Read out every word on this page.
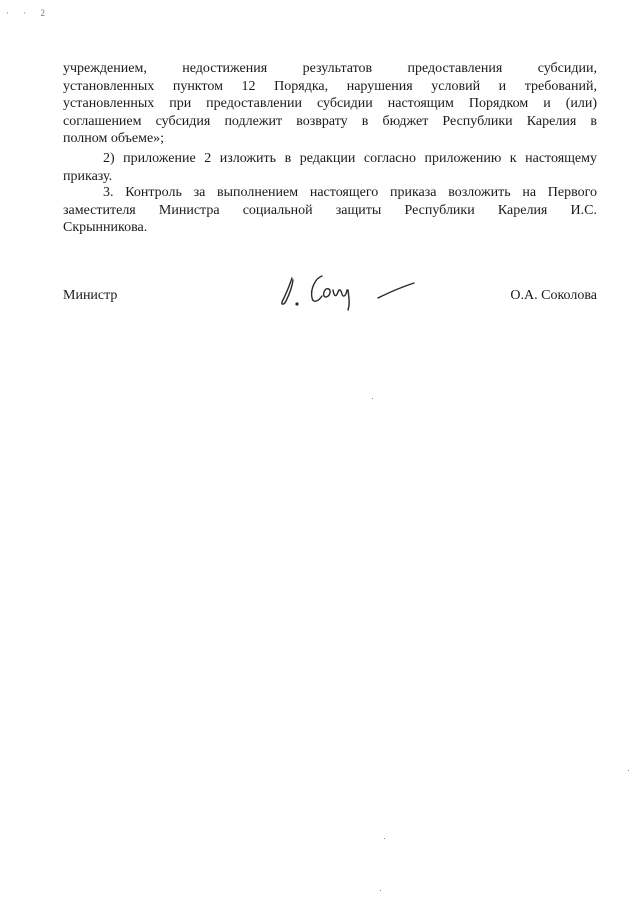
· · 2

учреждением, недостижения результатов предоставления субсидии,

установленных пунктом 12 Порядка, нарушения условий и требований,

установленных при предоставлении субсидии настоящим Порядком и (или)

соглашением субсидия подлежит возврату в бюджет Республики Карелия в

полном объеме»;

2) приложение 2 изложить в редакции согласно приложению к настоящему

приказу.

3. Контроль за выполнением настоящего приказа возложить на Первого

заместителя Министра социальной защиты Республики Карелия И.С.

Скрынникова.

Министр	О.А. Соколова
